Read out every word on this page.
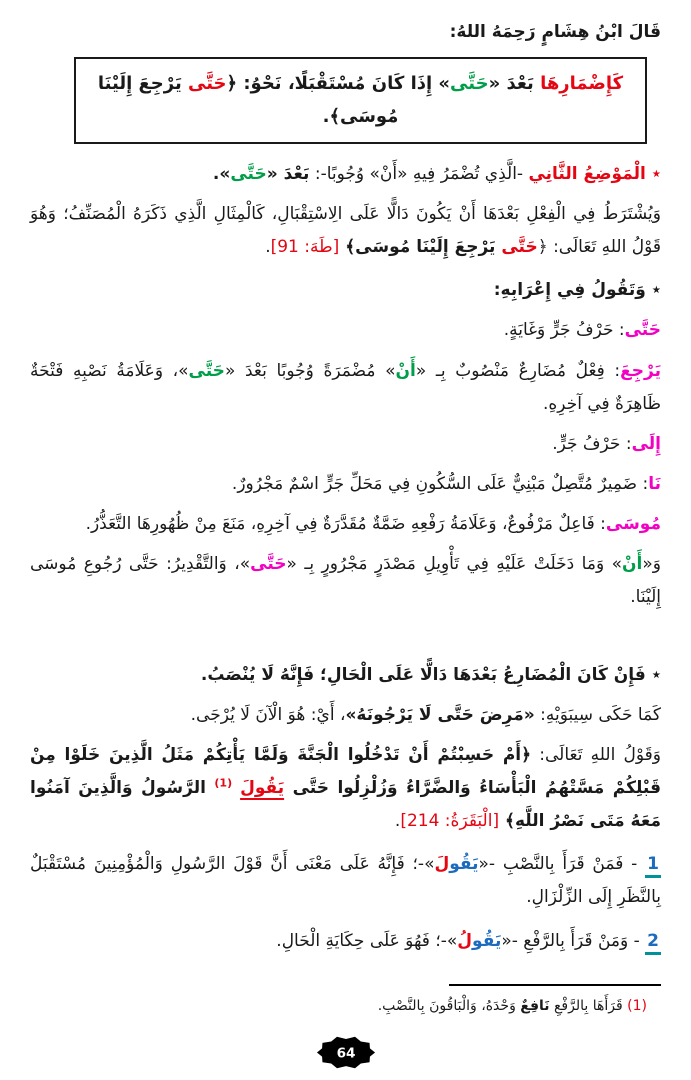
قَالَ ابْنُ هِشَامٍ رَحِمَهُ اللهُ:

كَإِضْمَارِهَا بَعْدَ «حَتَّى» إِذَا كَانَ مُسْتَقْبَلًا، نَحْوُ: ﴿حَتَّى يَرْجِعَ إِلَيْنَا مُوسَى﴾.

٭ الْمَوْضِعُ الثَّانِي -الَّذِي تُضْمَرُ فِيهِ «أَنْ» وُجُوبًا-: بَعْدَ «حَتَّى».

وَيُشْتَرَطُ فِي الْفِعْلِ بَعْدَهَا أَنْ يَكُونَ دَالًّا عَلَى الِاسْتِقْبَالِ، كَالْمِثَالِ الَّذِي ذَكَرَهُ الْمُصَنِّفُ؛ وَهُوَ قَوْلُ اللهِ تَعَالَى: ﴿حَتَّى يَرْجِعَ إِلَيْنَا مُوسَى﴾ [طَهَ: 91].

٭ وَتَقُولُ فِي إِعْرَابِهِ:

حَتَّى: حَرْفُ جَرٍّ وَغَايَةٍ.

يَرْجِعَ: فِعْلٌ مُضَارِعٌ مَنْصُوبٌ بِـ «أَنْ» مُضْمَرَةً وُجُوبًا بَعْدَ «حَتَّى»، وَعَلَامَةُ نَصْبِهِ فَتْحَةٌ ظَاهِرَةٌ فِي آخِرِهِ.

إِلَى: حَرْفُ جَرٍّ.

نَا: ضَمِيرٌ مُتَّصِلٌ مَبْنِيٌّ عَلَى السُّكُونِ فِي مَحَلِّ جَرٍّ اسْمٌ مَجْرُورٌ.

مُوسَى: فَاعِلٌ مَرْفُوعٌ، وَعَلَامَةُ رَفْعِهِ ضَمَّةٌ مُقَدَّرَةٌ فِي آخِرِهِ، مَنَعَ مِنْ ظُهُورِهَا التَّعَذُّرُ.

وَ«أَنْ» وَمَا دَخَلَتْ عَلَيْهِ فِي تَأْوِيلِ مَصْدَرٍ مَجْرُورٍ بِـ «حَتَّى»، وَالتَّقْدِيرُ: حَتَّى رُجُوعِ مُوسَى إِلَيْنَا.

٭ فَإِنْ كَانَ الْمُضَارِعُ بَعْدَهَا دَالًّا عَلَى الْحَالِ؛ فَإِنَّهُ لَا يُنْصَبُ.

كَمَا حَكَى سِيبَوَيْهِ: «مَرِضَ حَتَّى لَا يَرْجُونَهُ»، أَيْ: هُوَ الْآنَ لَا يُرْجَى.

وَقَوْلُ اللهِ تَعَالَى: ﴿أَمْ حَسِبْتُمْ أَنْ تَدْخُلُوا الْجَنَّةَ وَلَمَّا يَأْتِكُمْ مَثَلُ الَّذِينَ خَلَوْا مِنْ قَبْلِكُمْ مَسَّتْهُمُ الْبَأْسَاءُ وَالضَّرَّاءُ وَزُلْزِلُوا حَتَّى يَقُولَ $^{(1)}$ الرَّسُولُ وَالَّذِينَ آمَنُوا مَعَهُ مَتَى نَصْرُ اللَّهِ﴾ [الْبَقَرَةُ: 214].

1 - فَمَنْ قَرَأَ بِالنَّصْبِ -«يَقُولَ»-؛ فَإِنَّهُ عَلَى مَعْنَى أَنَّ قَوْلَ الرَّسُولِ وَالْمُؤْمِنِينَ مُسْتَقْبَلٌ بِالنَّظَرِ إِلَى الزِّلْزَالِ.

2 - وَمَنْ قَرَأَ بِالرَّفْعِ -«يَقُولُ»-؛ فَهُوَ عَلَى حِكَايَةِ الْحَالِ.

(1) قَرَأَهَا بِالرَّفْعِ نَافِعٌ وَحْدَهُ، وَالْبَاقُونَ بِالنَّصْبِ.

64
